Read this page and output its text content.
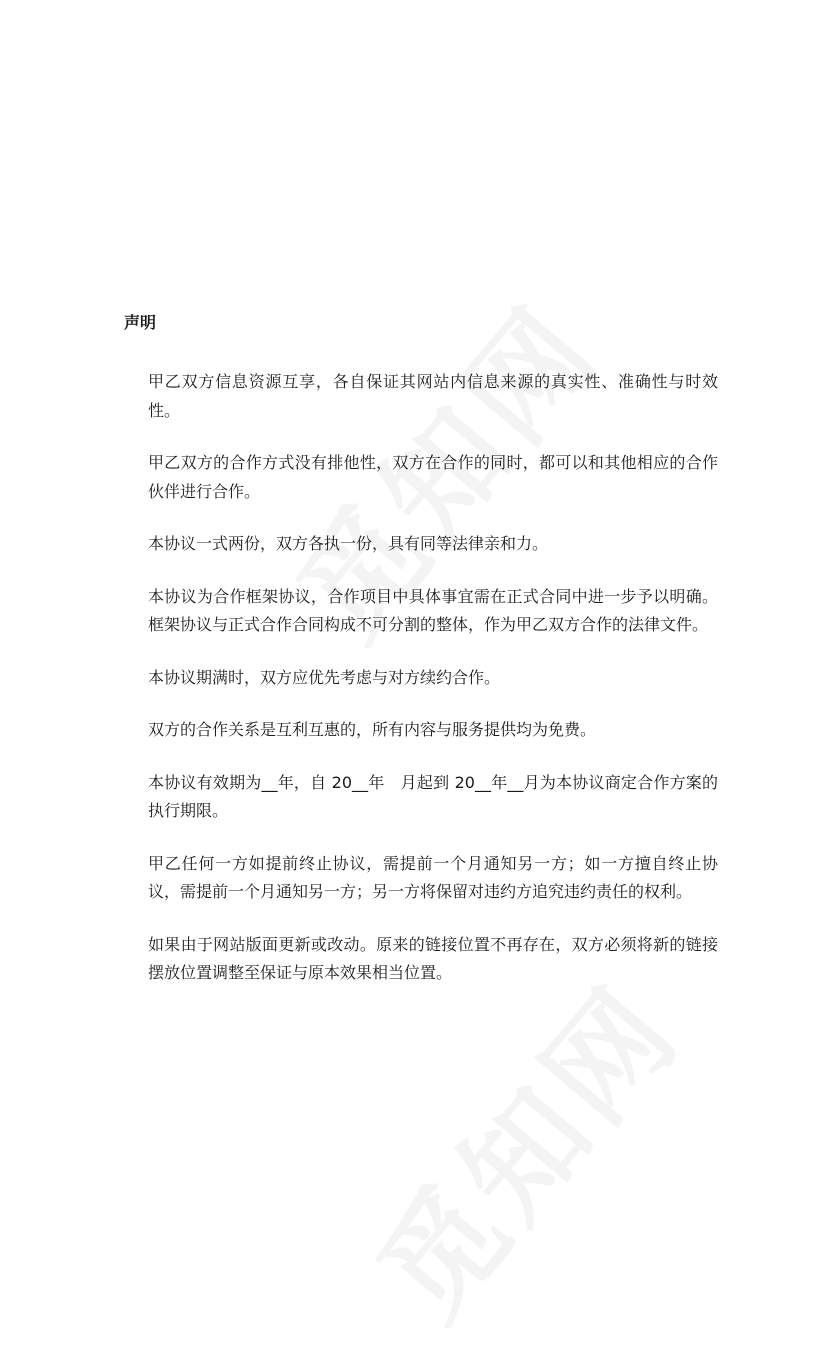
声明

甲乙双方信息资源互享，各自保证其网站内信息来源的真实性、准确性与时效性。

甲乙双方的合作方式没有排他性，双方在合作的同时，都可以和其他相应的合作伙伴进行合作。

本协议一式两份，双方各执一份，具有同等法律亲和力。

本协议为合作框架协议，合作项目中具体事宜需在正式合同中进一步予以明确。框架协议与正式合作合同构成不可分割的整体，作为甲乙双方合作的法律文件。

本协议期满时，双方应优先考虑与对方续约合作。

双方的合作关系是互利互惠的，所有内容与服务提供均为免费。

本协议有效期为__年，自 20__年　月起到 20__年__月为本协议商定合作方案的执行期限。

甲乙任何一方如提前终止协议，需提前一个月通知另一方；如一方擅自终止协议，需提前一个月通知另一方；另一方将保留对违约方追究违约责任的权利。

如果由于网站版面更新或改动。原来的链接位置不再存在，双方必须将新的链接摆放位置调整至保证与原本效果相当位置。
